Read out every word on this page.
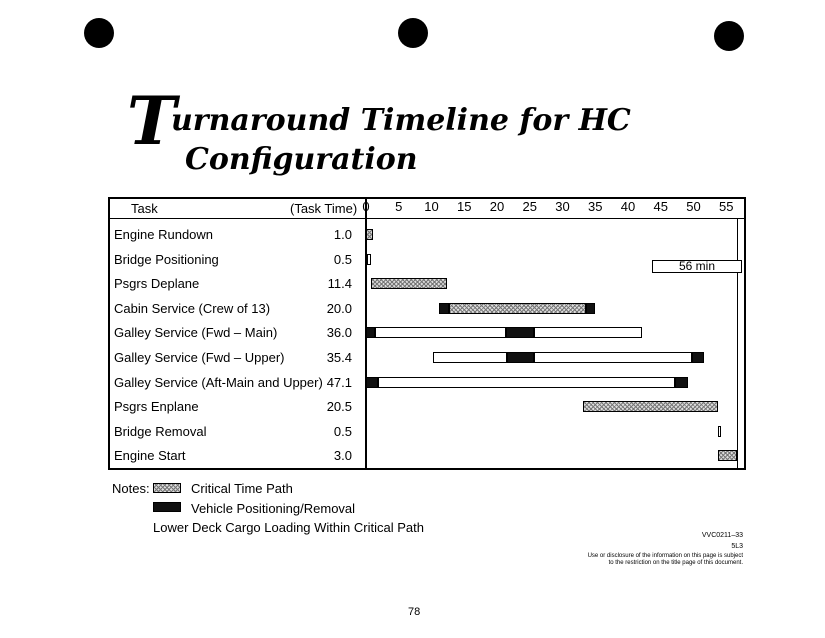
T
urnaround Timeline for HC
Configuration
Task	(Task Time) 0 5 10 15 20 25 30 35 40 45 50 55
Engine Rundown	1.0
Bridge Positioning	0.5
Psgrs Deplane	11.4
Cabin Service (Crew of 13)	20.0
Galley Service (Fwd – Main)	36.0
Galley Service (Fwd – Upper)	35.4
Galley Service (Aft-Main and Upper) 47.1
Psgrs Enplane	20.5
Bridge Removal	0.5
Engine Start	3.0
56 min
Notes:	Critical Time Path
Vehicle Positioning/Removal
Lower Deck Cargo Loading Within Critical Path
VVC0211–33
5L3
Use or disclosure of the information on this page is subject
to the restriction on the title page of this document.
78
